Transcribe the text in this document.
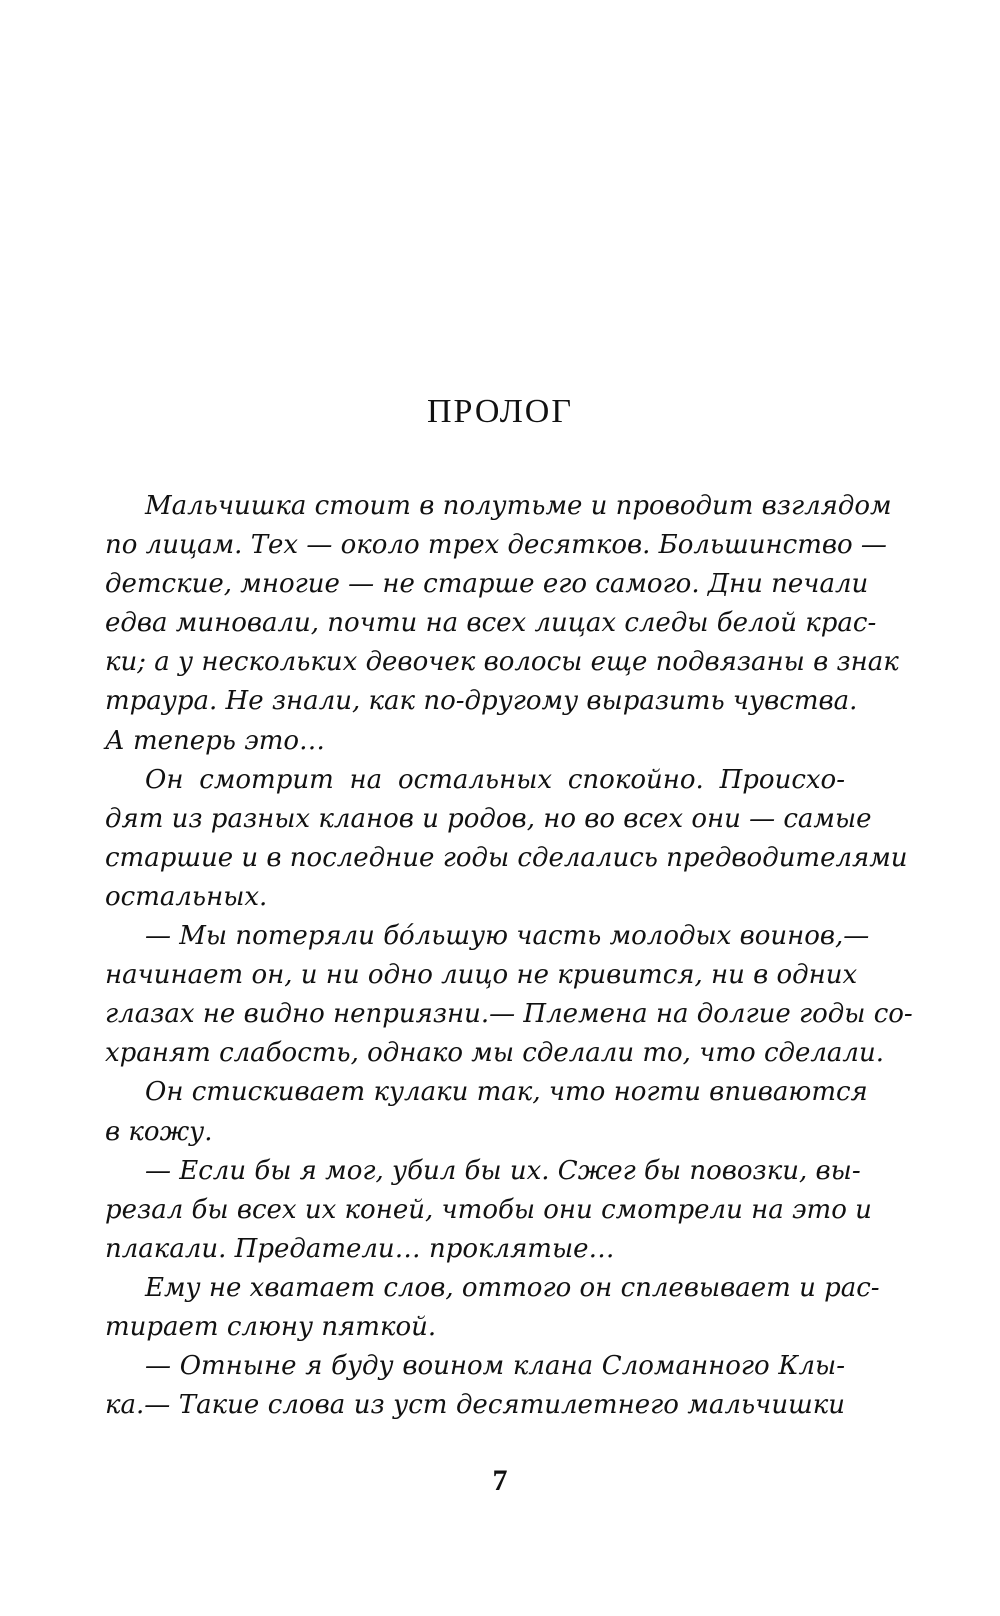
ПРОЛОГ
Мальчишка стоит в полутьме и проводит взглядом
по лицам. Тех — около трех десятков. Большинство —
детские, многие — не старше его самого. Дни печали
едва миновали, почти на всех лицах следы белой крас-
ки; а у нескольких девочек волосы еще подвязаны в знак
траура. Не знали, как по-другому выразить чувства.
А теперь это…
Он смотрит на остальных спокойно. Происхо-
дят из разных кланов и родов, но во всех они — самые
старшие и в последние годы сделались предводителями
остальных.
— Мы потеряли бóльшую часть молодых воинов,—
начинает он, и ни одно лицо не кривится, ни в одних
глазах не видно неприязни.— Племена на долгие годы со-
хранят слабость, однако мы сделали то, что сделали.
Он стискивает кулаки так, что ногти впиваются
в кожу.
— Если бы я мог, убил бы их. Сжег бы повозки, вы-
резал бы всех их коней, чтобы они смотрели на это и
плакали. Предатели… проклятые…
Ему не хватает слов, оттого он сплевывает и рас-
тирает слюну пяткой.
— Отныне я буду воином клана Сломанного Клы-
ка.— Такие слова из уст десятилетнего мальчишки
7
